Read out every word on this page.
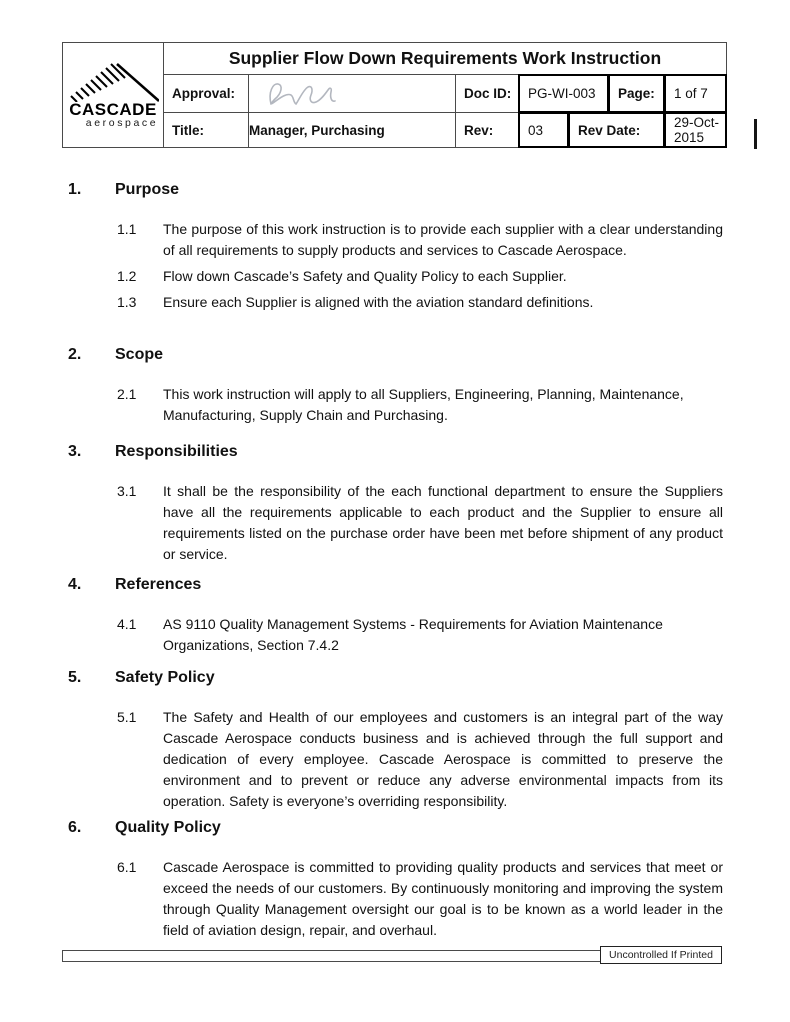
CASCADE
aerospace
Supplier Flow Down Requirements Work Instruction
Approval:	Doc ID:	PG-WI-003	Page:	1 of 7
Title:	Manager, Purchasing	Rev:	03	Rev Date:	29-Oct-2015
1.	Purpose
1.1	The purpose of this work instruction is to provide each supplier with a clear understanding of all requirements to supply products and services to Cascade Aerospace.
1.2	Flow down Cascade’s Safety and Quality Policy to each Supplier.
1.3	Ensure each Supplier is aligned with the aviation standard definitions.
2.	Scope
2.1	This work instruction will apply to all Suppliers, Engineering, Planning, Maintenance, Manufacturing, Supply Chain and Purchasing.
3.	Responsibilities
3.1	It shall be the responsibility of the each functional department to ensure the Suppliers have all the requirements applicable to each product and the Supplier to ensure all requirements listed on the purchase order have been met before shipment of any product or service.
4.	References
4.1	AS 9110 Quality Management Systems - Requirements for Aviation Maintenance Organizations, Section 7.4.2
5.	Safety Policy
5.1	The Safety and Health of our employees and customers is an integral part of the way Cascade Aerospace conducts business and is achieved through the full support and dedication of every employee. Cascade Aerospace is committed to preserve the environment and to prevent or reduce any adverse environmental impacts from its operation. Safety is everyone’s overriding responsibility.
6.	Quality Policy
6.1	Cascade Aerospace is committed to providing quality products and services that meet or exceed the needs of our customers. By continuously monitoring and improving the system through Quality Management oversight our goal is to be known as a world leader in the field of aviation design, repair, and overhaul.
Uncontrolled If Printed
